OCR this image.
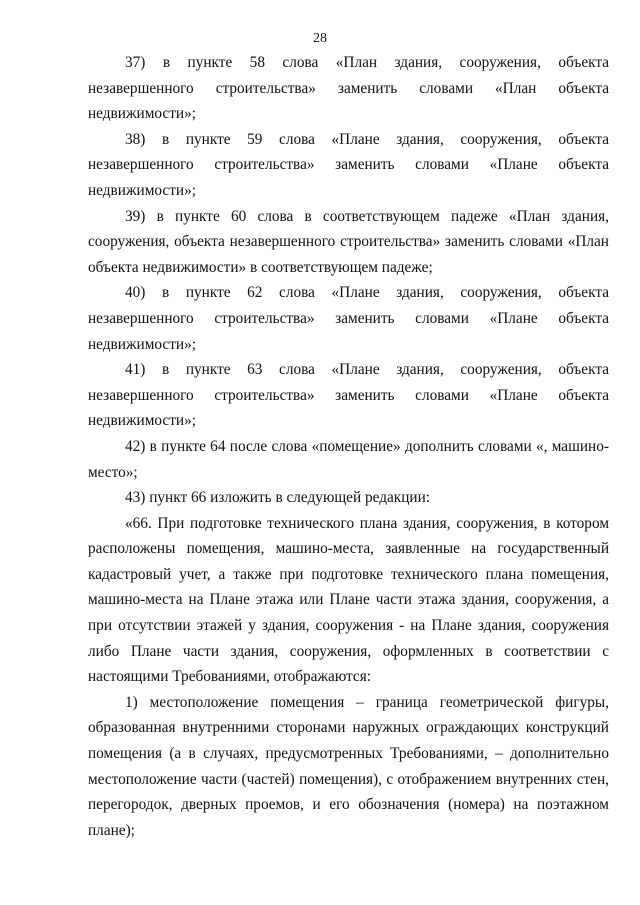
28

37) в пункте 58 слова «План здания, сооружения, объекта незавершенного строительства» заменить словами «План объекта недвижимости»;

38) в пункте 59 слова «Плане здания, сооружения, объекта незавершенного строительства» заменить словами «Плане объекта недвижимости»;

39) в пункте 60 слова в соответствующем падеже «План здания, сооружения, объекта незавершенного строительства» заменить словами «План объекта недвижимости» в соответствующем падеже;

40) в пункте 62 слова «Плане здания, сооружения, объекта незавершенного строительства» заменить словами «Плане объекта недвижимости»;

41) в пункте 63 слова «Плане здания, сооружения, объекта незавершенного строительства» заменить словами «Плане объекта недвижимости»;

42) в пункте 64 после слова «помещение» дополнить словами «, машино-место»;

43) пункт 66 изложить в следующей редакции:

«66. При подготовке технического плана здания, сооружения, в котором расположены помещения, машино-места, заявленные на государственный кадастровый учет, а также при подготовке технического плана помещения, машино-места на Плане этажа или Плане части этажа здания, сооружения, а при отсутствии этажей у здания, сооружения - на Плане здания, сооружения либо Плане части здания, сооружения, оформленных в соответствии с настоящими Требованиями, отображаются:

1) местоположение помещения – граница геометрической фигуры, образованная внутренними сторонами наружных ограждающих конструкций помещения (а в случаях, предусмотренных Требованиями, – дополнительно местоположение части (частей) помещения), с отображением внутренних стен, перегородок, дверных проемов, и его обозначения (номера) на поэтажном плане);
